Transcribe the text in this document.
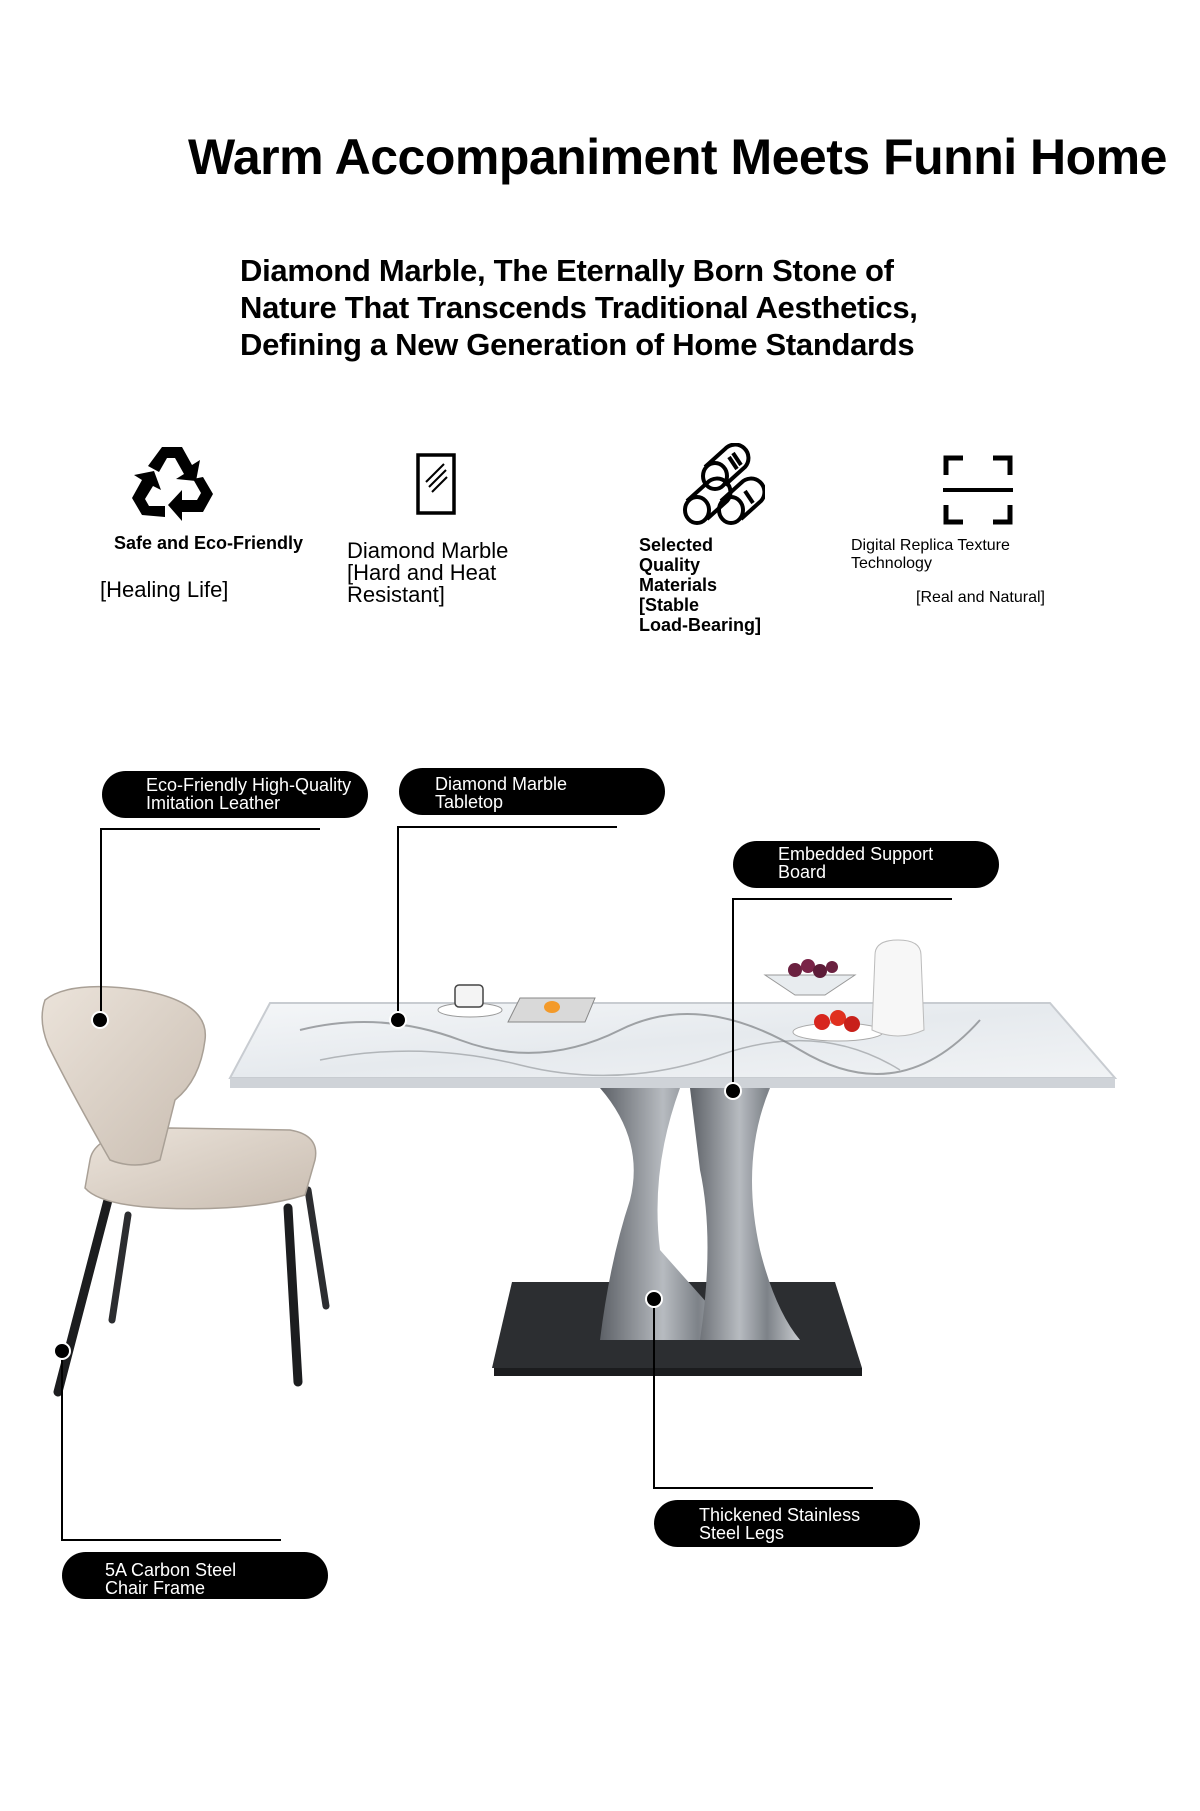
Warm Accompaniment Meets Funni Home
Diamond Marble, The Eternally Born Stone of
Nature That Transcends Traditional Aesthetics,
Defining a New Generation of Home Standards
Safe and Eco-Friendly
[Healing Life]
Diamond Marble
[Hard and Heat
Resistant]
Selected
Quality
Materials
[Stable
Load-Bearing]
Digital Replica Texture
Technology
[Real and Natural]
Eco-Friendly High-Quality
Imitation Leather
Diamond Marble
Tabletop
Embedded Support
Board
Thickened Stainless
Steel Legs
5A Carbon Steel
Chair Frame
